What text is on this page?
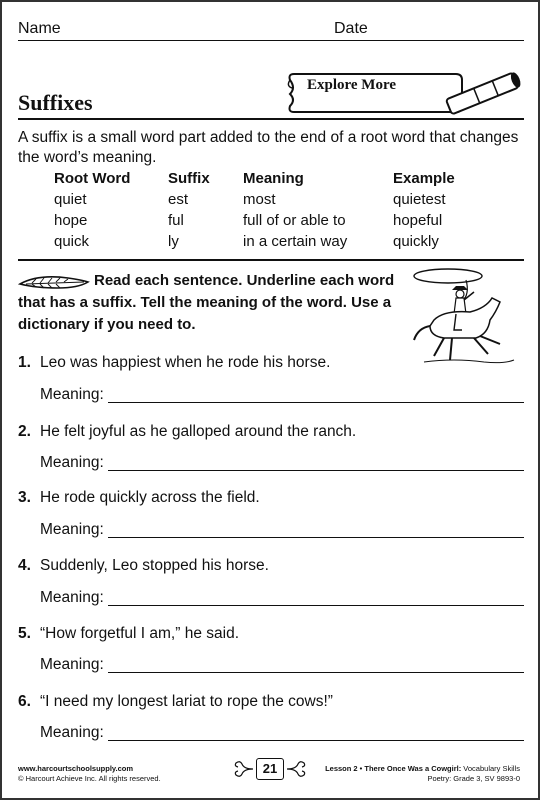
Name	Date
Explore More
Suffixes

A suffix is a small word part added to the end of a root word that changes the word’s meaning.

Root Word
quiet
hope
quick
Suffix
est
ful
ly
Meaning
most
full of or able to
in a certain way
Example
quietest
hopeful
quickly

Read each sentence. Underline each word that has a suffix. Tell the meaning of the word. Use a dictionary if you need to.

1. Leo was happiest when he rode his horse.
Meaning:
2. He felt joyful as he galloped around the ranch.
Meaning:
3. He rode quickly across the field.
Meaning:
4. Suddenly, Leo stopped his horse.
Meaning:
5. “How forgetful I am,” he said.
Meaning:
6. “I need my longest lariat to rope the cows!”
Meaning:
www.harcourtschoolsupply.com
© Harcourt Achieve Inc. All rights reserved.
21	Lesson 2 • There Once Was a Cowgirl: Vocabulary Skills
Poetry: Grade 3, SV 9893-0
